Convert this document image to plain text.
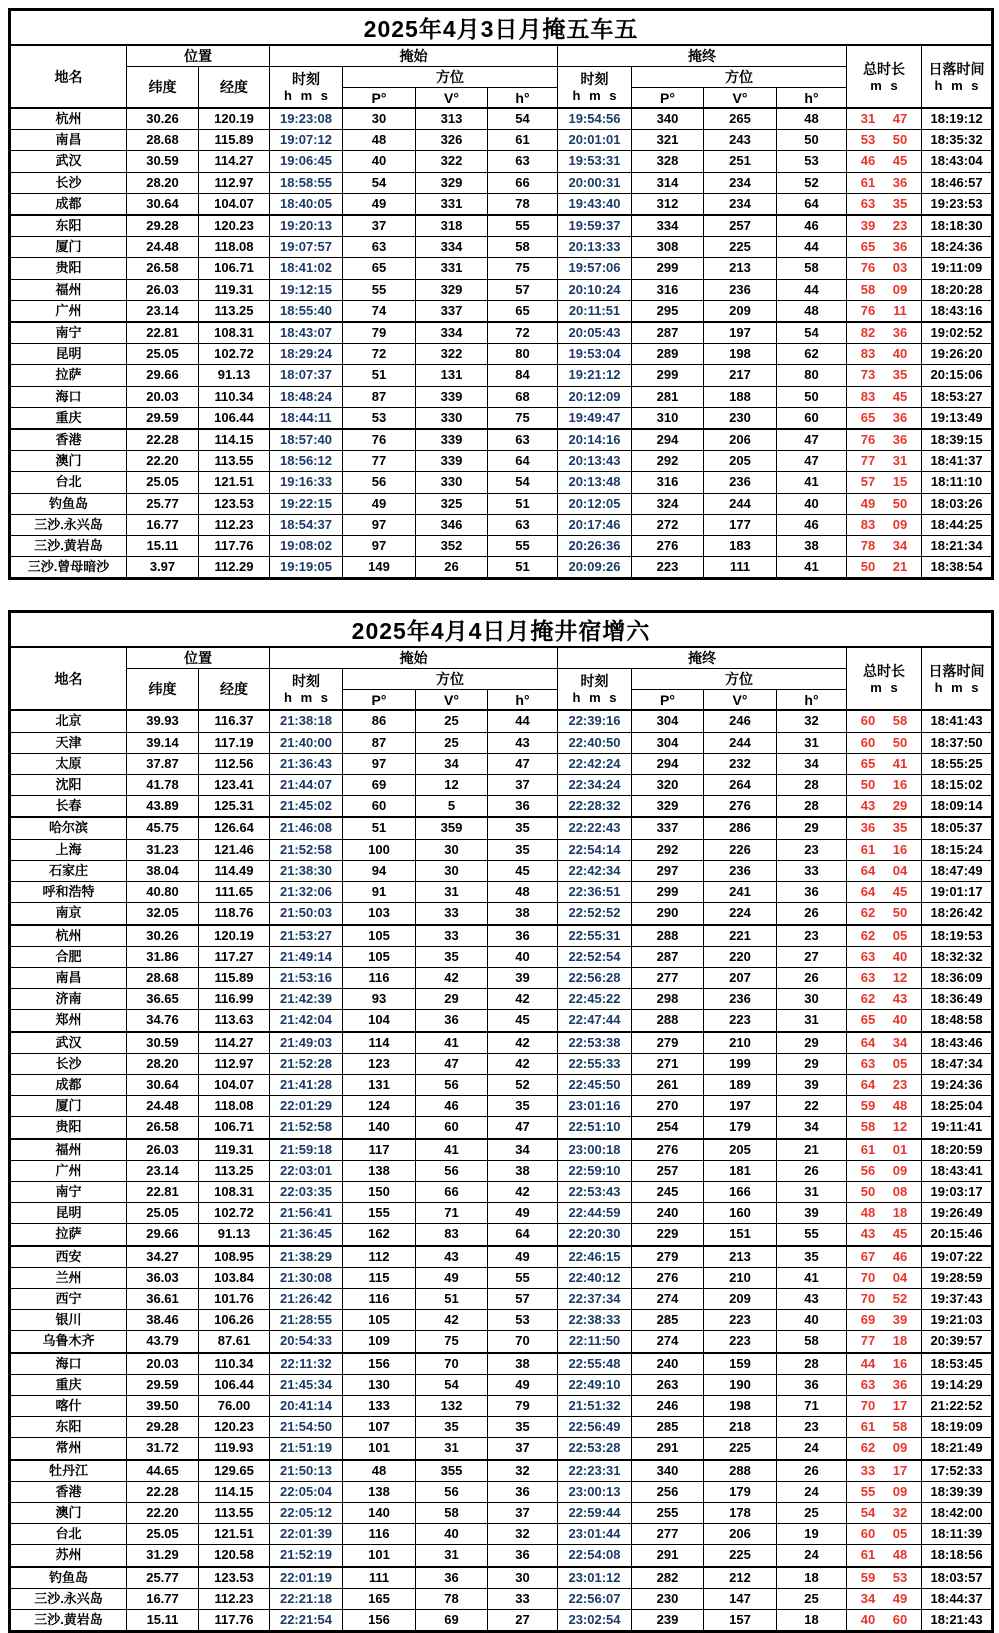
2025年4月3日月掩五车五												
地名	位置	掩始	掩终	
总时长
m s

日落时间
h m s

纬度	经度	时刻
h m s
	方位	时刻
h m s
	方位
				P°	V°	h°		P°	V°	h°		
杭州	30.26	120.19	19:23:08	30	313	54	19:54:56	340	265	48	31 47	18:19:12
南昌	28.68	115.89	19:07:12	48	326	61	20:01:01	321	243	50	53 50	18:35:32
武汉	30.59	114.27	19:06:45	40	322	63	19:53:31	328	251	53	46 45	18:43:04
长沙	28.20	112.97	18:58:55	54	329	66	20:00:31	314	234	52	61 36	18:46:57
成都	30.64	104.07	18:40:05	49	331	78	19:43:40	312	234	64	63 35	19:23:53
东阳	29.28	120.23	19:20:13	37	318	55	19:59:37	334	257	46	39 23	18:18:30
厦门	24.48	118.08	19:07:57	63	334	58	20:13:33	308	225	44	65 36	18:24:36
贵阳	26.58	106.71	18:41:02	65	331	75	19:57:06	299	213	58	76 03	19:11:09
福州	26.03	119.31	19:12:15	55	329	57	20:10:24	316	236	44	58 09	18:20:28
广州	23.14	113.25	18:55:40	74	337	65	20:11:51	295	209	48	76 11	18:43:16
南宁	22.81	108.31	18:43:07	79	334	72	20:05:43	287	197	54	82 36	19:02:52
昆明	25.05	102.72	18:29:24	72	322	80	19:53:04	289	198	62	83 40	19:26:20
拉萨	29.66	91.13	18:07:37	51	131	84	19:21:12	299	217	80	73 35	20:15:06
海口	20.03	110.34	18:48:24	87	339	68	20:12:09	281	188	50	83 45	18:53:27
重庆	29.59	106.44	18:44:11	53	330	75	19:49:47	310	230	60	65 36	19:13:49
香港	22.28	114.15	18:57:40	76	339	63	20:14:16	294	206	47	76 36	18:39:15
澳门	22.20	113.55	18:56:12	77	339	64	20:13:43	292	205	47	77 31	18:41:37
台北	25.05	121.51	19:16:33	56	330	54	20:13:48	316	236	41	57 15	18:11:10
钓鱼岛	25.77	123.53	19:22:15	49	325	51	20:12:05	324	244	40	49 50	18:03:26
三沙.永兴岛	16.77	112.23	18:54:37	97	346	63	20:17:46	272	177	46	83 09	18:44:25
三沙.黄岩岛	15.11	117.76	19:08:02	97	352	55	20:26:36	276	183	38	78 34	18:21:34
三沙.曾母暗沙	3.97	112.29	19:19:05	149	26	51	20:09:26	223	111	41	50 21	18:38:54
2025年4月4日月掩井宿增六												
地名	位置	掩始	掩终	
总时长
m s

日落时间
h m s

纬度	经度	时刻
h m s
	方位	时刻
h m s
	方位
				P°	V°	h°		P°	V°	h°		
北京	39.93	116.37	21:38:18	86	25	44	22:39:16	304	246	32	60 58	18:41:43
天津	39.14	117.19	21:40:00	87	25	43	22:40:50	304	244	31	60 50	18:37:50
太原	37.87	112.56	21:36:43	97	34	47	22:42:24	294	232	34	65 41	18:55:25
沈阳	41.78	123.41	21:44:07	69	12	37	22:34:24	320	264	28	50 16	18:15:02
长春	43.89	125.31	21:45:02	60	5	36	22:28:32	329	276	28	43 29	18:09:14
哈尔滨	45.75	126.64	21:46:08	51	359	35	22:22:43	337	286	29	36 35	18:05:37
上海	31.23	121.46	21:52:58	100	30	35	22:54:14	292	226	23	61 16	18:15:24
石家庄	38.04	114.49	21:38:30	94	30	45	22:42:34	297	236	33	64 04	18:47:49
呼和浩特	40.80	111.65	21:32:06	91	31	48	22:36:51	299	241	36	64 45	19:01:17
南京	32.05	118.76	21:50:03	103	33	38	22:52:52	290	224	26	62 50	18:26:42
杭州	30.26	120.19	21:53:27	105	33	36	22:55:31	288	221	23	62 05	18:19:53
合肥	31.86	117.27	21:49:14	105	35	40	22:52:54	287	220	27	63 40	18:32:32
南昌	28.68	115.89	21:53:16	116	42	39	22:56:28	277	207	26	63 12	18:36:09
济南	36.65	116.99	21:42:39	93	29	42	22:45:22	298	236	30	62 43	18:36:49
郑州	34.76	113.63	21:42:04	104	36	45	22:47:44	288	223	31	65 40	18:48:58
武汉	30.59	114.27	21:49:03	114	41	42	22:53:38	279	210	29	64 34	18:43:46
长沙	28.20	112.97	21:52:28	123	47	42	22:55:33	271	199	29	63 05	18:47:34
成都	30.64	104.07	21:41:28	131	56	52	22:45:50	261	189	39	64 23	19:24:36
厦门	24.48	118.08	22:01:29	124	46	35	23:01:16	270	197	22	59 48	18:25:04
贵阳	26.58	106.71	21:52:58	140	60	47	22:51:10	254	179	34	58 12	19:11:41
福州	26.03	119.31	21:59:18	117	41	34	23:00:18	276	205	21	61 01	18:20:59
广州	23.14	113.25	22:03:01	138	56	38	22:59:10	257	181	26	56 09	18:43:41
南宁	22.81	108.31	22:03:35	150	66	42	22:53:43	245	166	31	50 08	19:03:17
昆明	25.05	102.72	21:56:41	155	71	49	22:44:59	240	160	39	48 18	19:26:49
拉萨	29.66	91.13	21:36:45	162	83	64	22:20:30	229	151	55	43 45	20:15:46
西安	34.27	108.95	21:38:29	112	43	49	22:46:15	279	213	35	67 46	19:07:22
兰州	36.03	103.84	21:30:08	115	49	55	22:40:12	276	210	41	70 04	19:28:59
西宁	36.61	101.76	21:26:42	116	51	57	22:37:34	274	209	43	70 52	19:37:43
银川	38.46	106.26	21:28:55	105	42	53	22:38:33	285	223	40	69 39	19:21:03
乌鲁木齐	43.79	87.61	20:54:33	109	75	70	22:11:50	274	223	58	77 18	20:39:57
海口	20.03	110.34	22:11:32	156	70	38	22:55:48	240	159	28	44 16	18:53:45
重庆	29.59	106.44	21:45:34	130	54	49	22:49:10	263	190	36	63 36	19:14:29
喀什	39.50	76.00	20:41:14	133	132	79	21:51:32	246	198	71	70 17	21:22:52
东阳	29.28	120.23	21:54:50	107	35	35	22:56:49	285	218	23	61 58	18:19:09
常州	31.72	119.93	21:51:19	101	31	37	22:53:28	291	225	24	62 09	18:21:49
牡丹江	44.65	129.65	21:50:13	48	355	32	22:23:31	340	288	26	33 17	17:52:33
香港	22.28	114.15	22:05:04	138	56	36	23:00:13	256	179	24	55 09	18:39:39
澳门	22.20	113.55	22:05:12	140	58	37	22:59:44	255	178	25	54 32	18:42:00
台北	25.05	121.51	22:01:39	116	40	32	23:01:44	277	206	19	60 05	18:11:39
苏州	31.29	120.58	21:52:19	101	31	36	22:54:08	291	225	24	61 48	18:18:56
钓鱼岛	25.77	123.53	22:01:19	111	36	30	23:01:12	282	212	18	59 53	18:03:57
三沙.永兴岛	16.77	112.23	22:21:18	165	78	33	22:56:07	230	147	25	34 49	18:44:37
三沙.黄岩岛	15.11	117.76	22:21:54	156	69	27	23:02:54	239	157	18	40 60	18:21:43
